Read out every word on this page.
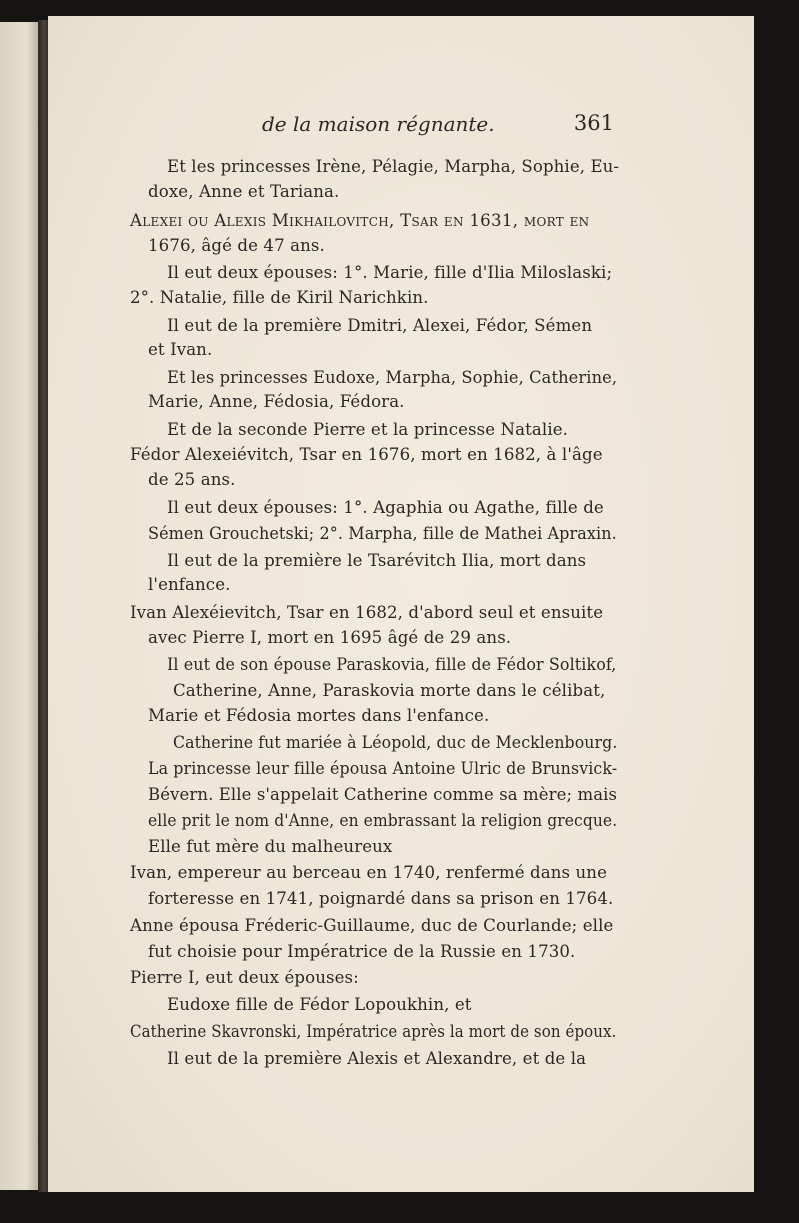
de la maison régnante.	361
Et les princesses Irène, Pélagie, Marpha, Sophie, Eu-
doxe, Anne et Tariana.
Alexei ou Alexis Mikhailovitch, Tsar en 1631, mort en
1676, âgé de 47 ans.
Il eut deux épouses: 1°. Marie, fille d'Ilia Miloslaski;
2°. Natalie, fille de Kiril Narichkin.
Il eut de la première Dmitri, Alexei, Fédor, Sémen
et Ivan.
Et les princesses Eudoxe, Marpha, Sophie, Catherine,
Marie, Anne, Fédosia, Fédora.
Et de la seconde Pierre et la princesse Natalie.
Fédor Alexeiévitch, Tsar en 1676, mort en 1682, à l'âge
de 25 ans.
Il eut deux épouses: 1°. Agaphia ou Agathe, fille de
Sémen Grouchetski; 2°. Marpha, fille de Mathei Apraxin.
Il eut de la première le Tsarévitch Ilia, mort dans
l'enfance.
Ivan Alexéievitch, Tsar en 1682, d'abord seul et ensuite
avec Pierre I, mort en 1695 âgé de 29 ans.
Il eut de son épouse Paraskovia, fille de Fédor Soltikof,
Catherine, Anne, Paraskovia morte dans le célibat,
Marie et Fédosia mortes dans l'enfance.
Catherine fut mariée à Léopold, duc de Mecklenbourg.
La princesse leur fille épousa Antoine Ulric de Brunsvick-
Bévern. Elle s'appelait Catherine comme sa mère; mais
elle prit le nom d'Anne, en embrassant la religion grecque.
Elle fut mère du malheureux
Ivan, empereur au berceau en 1740, renfermé dans une
forteresse en 1741, poignardé dans sa prison en 1764.
Anne épousa Fréderic-Guillaume, duc de Courlande; elle
fut choisie pour Impératrice de la Russie en 1730.
Pierre I, eut deux épouses:
Eudoxe fille de Fédor Lopoukhin, et
Catherine Skavronski, Impératrice après la mort de son époux.
Il eut de la première Alexis et Alexandre, et de la
